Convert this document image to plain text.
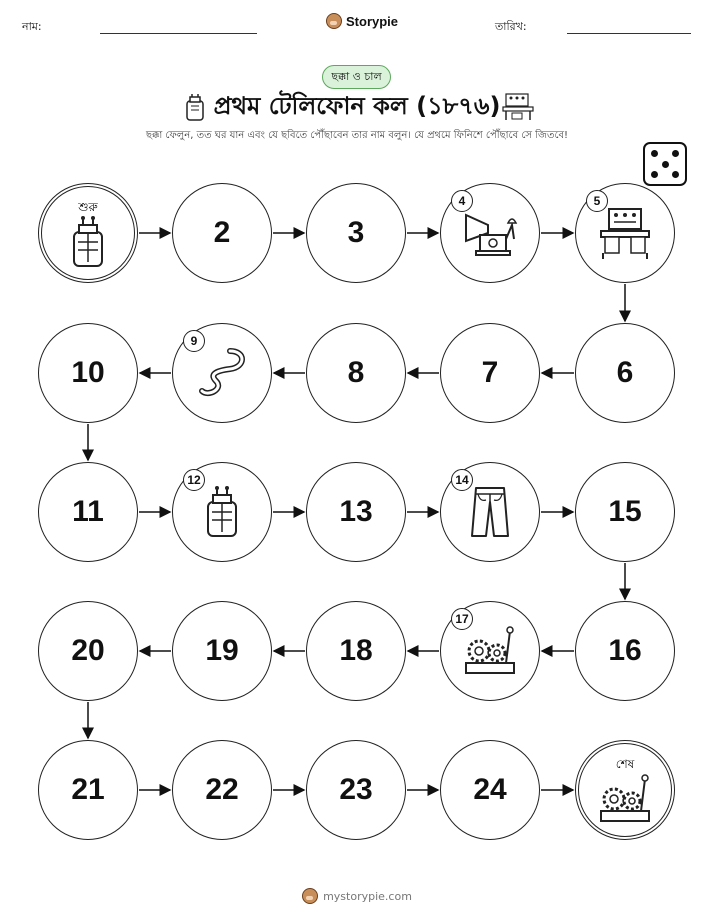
নাম:	Storypie	তারিখ:
ছক্কা ও চাল
প্রথম টেলিফোন কল (১৮৭৬)
ছক্কা ফেলুন, তত ঘর যান এবং যে ছবিতে পৌঁছাবেন তার নাম বলুন। যে প্রথমে ফিনিশে পৌঁছাবে সে জিতবে!
শুরু
2	3
4	5
6
7
8
9
10
11
12
13
14
15
16
17
18
19
20
21	22	23	24
শেষ
mystorypie.com
